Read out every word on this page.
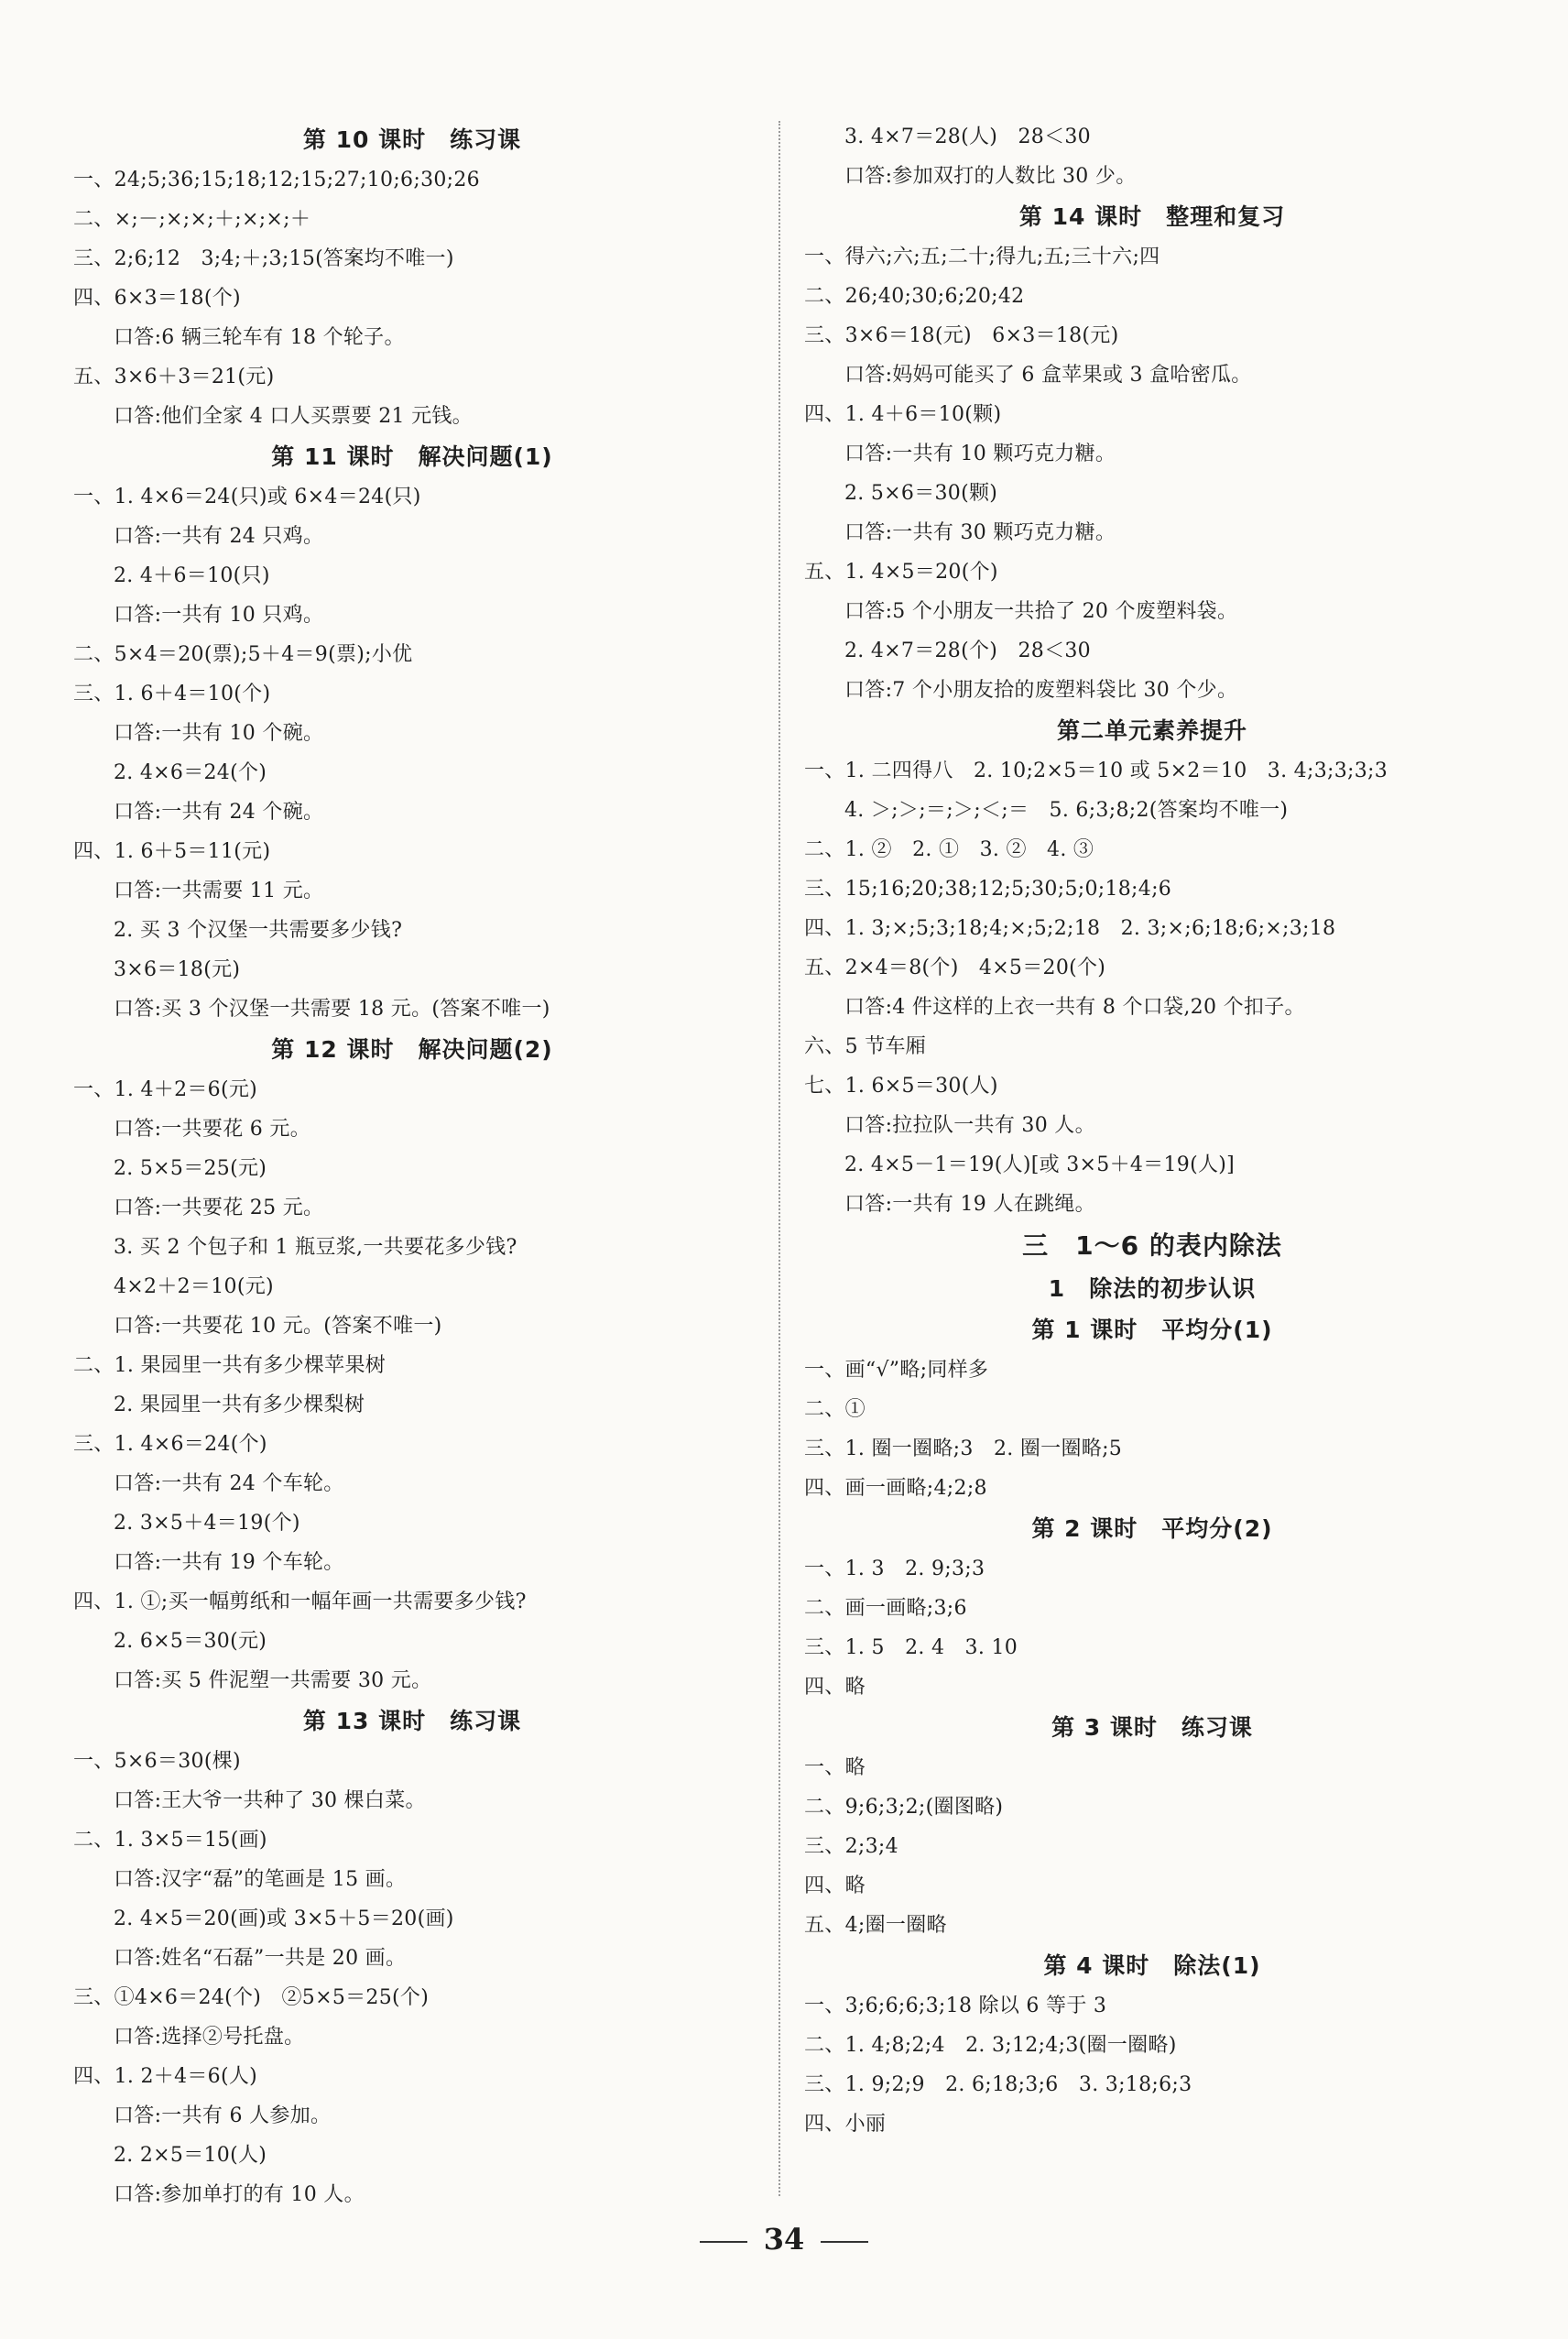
第 10 课时　练习课
一、24;5;36;15;18;12;15;27;10;6;30;26
二、×;－;×;×;＋;×;×;＋
三、2;6;12　3;4;＋;3;15(答案均不唯一)
四、6×3＝18(个)
口答:6 辆三轮车有 18 个轮子。
五、3×6＋3＝21(元)
口答:他们全家 4 口人买票要 21 元钱。
第 11 课时　解决问题(1)
一、1. 4×6＝24(只)或 6×4＝24(只)
口答:一共有 24 只鸡。
2. 4＋6＝10(只)
口答:一共有 10 只鸡。
二、5×4＝20(票);5＋4＝9(票);小优
三、1. 6＋4＝10(个)
口答:一共有 10 个碗。
2. 4×6＝24(个)
口答:一共有 24 个碗。
四、1. 6＋5＝11(元)
口答:一共需要 11 元。
2. 买 3 个汉堡一共需要多少钱?
3×6＝18(元)
口答:买 3 个汉堡一共需要 18 元。(答案不唯一)
第 12 课时　解决问题(2)
一、1. 4＋2＝6(元)
口答:一共要花 6 元。
2. 5×5＝25(元)
口答:一共要花 25 元。
3. 买 2 个包子和 1 瓶豆浆,一共要花多少钱?
4×2＋2＝10(元)
口答:一共要花 10 元。(答案不唯一)
二、1. 果园里一共有多少棵苹果树
2. 果园里一共有多少棵梨树
三、1. 4×6＝24(个)
口答:一共有 24 个车轮。
2. 3×5＋4＝19(个)
口答:一共有 19 个车轮。
四、1. ①;买一幅剪纸和一幅年画一共需要多少钱?
2. 6×5＝30(元)
口答:买 5 件泥塑一共需要 30 元。
第 13 课时　练习课
一、5×6＝30(棵)
口答:王大爷一共种了 30 棵白菜。
二、1. 3×5＝15(画)
口答:汉字“磊”的笔画是 15 画。
2. 4×5＝20(画)或 3×5＋5＝20(画)
口答:姓名“石磊”一共是 20 画。
三、①4×6＝24(个)　②5×5＝25(个)
口答:选择②号托盘。
四、1. 2＋4＝6(人)
口答:一共有 6 人参加。
2. 2×5＝10(人)
口答:参加单打的有 10 人。
3. 4×7＝28(人)　28＜30
口答:参加双打的人数比 30 少。
第 14 课时　整理和复习
一、得六;六;五;二十;得九;五;三十六;四
二、26;40;30;6;20;42
三、3×6＝18(元)　6×3＝18(元)
口答:妈妈可能买了 6 盒苹果或 3 盒哈密瓜。
四、1. 4＋6＝10(颗)
口答:一共有 10 颗巧克力糖。
2. 5×6＝30(颗)
口答:一共有 30 颗巧克力糖。
五、1. 4×5＝20(个)
口答:5 个小朋友一共拾了 20 个废塑料袋。
2. 4×7＝28(个)　28＜30
口答:7 个小朋友拾的废塑料袋比 30 个少。
第二单元素养提升
一、1. 二四得八　2. 10;2×5＝10 或 5×2＝10　3. 4;3;3;3;3
4. ＞;＞;＝;＞;＜;＝　5. 6;3;8;2(答案均不唯一)
二、1. ②　2. ①　3. ②　4. ③
三、15;16;20;38;12;5;30;5;0;18;4;6
四、1. 3;×;5;3;18;4;×;5;2;18　2. 3;×;6;18;6;×;3;18
五、2×4＝8(个)　4×5＝20(个)
口答:4 件这样的上衣一共有 8 个口袋,20 个扣子。
六、5 节车厢
七、1. 6×5＝30(人)
口答:拉拉队一共有 30 人。
2. 4×5－1＝19(人)[或 3×5＋4＝19(人)]
口答:一共有 19 人在跳绳。
三　1～6 的表内除法
1　除法的初步认识
第 1 课时　平均分(1)
一、画“√”略;同样多
二、①
三、1. 圈一圈略;3　2. 圈一圈略;5
四、画一画略;4;2;8
第 2 课时　平均分(2)
一、1. 3　2. 9;3;3
二、画一画略;3;6
三、1. 5　2. 4　3. 10
四、略
第 3 课时　练习课
一、略
二、9;6;3;2;(圈图略)
三、2;3;4
四、略
五、4;圈一圈略
第 4 课时　除法(1)
一、3;6;6;6;3;18 除以 6 等于 3
二、1. 4;8;2;4　2. 3;12;4;3(圈一圈略)
三、1. 9;2;9　2. 6;18;3;6　3. 3;18;6;3
四、小丽
34
